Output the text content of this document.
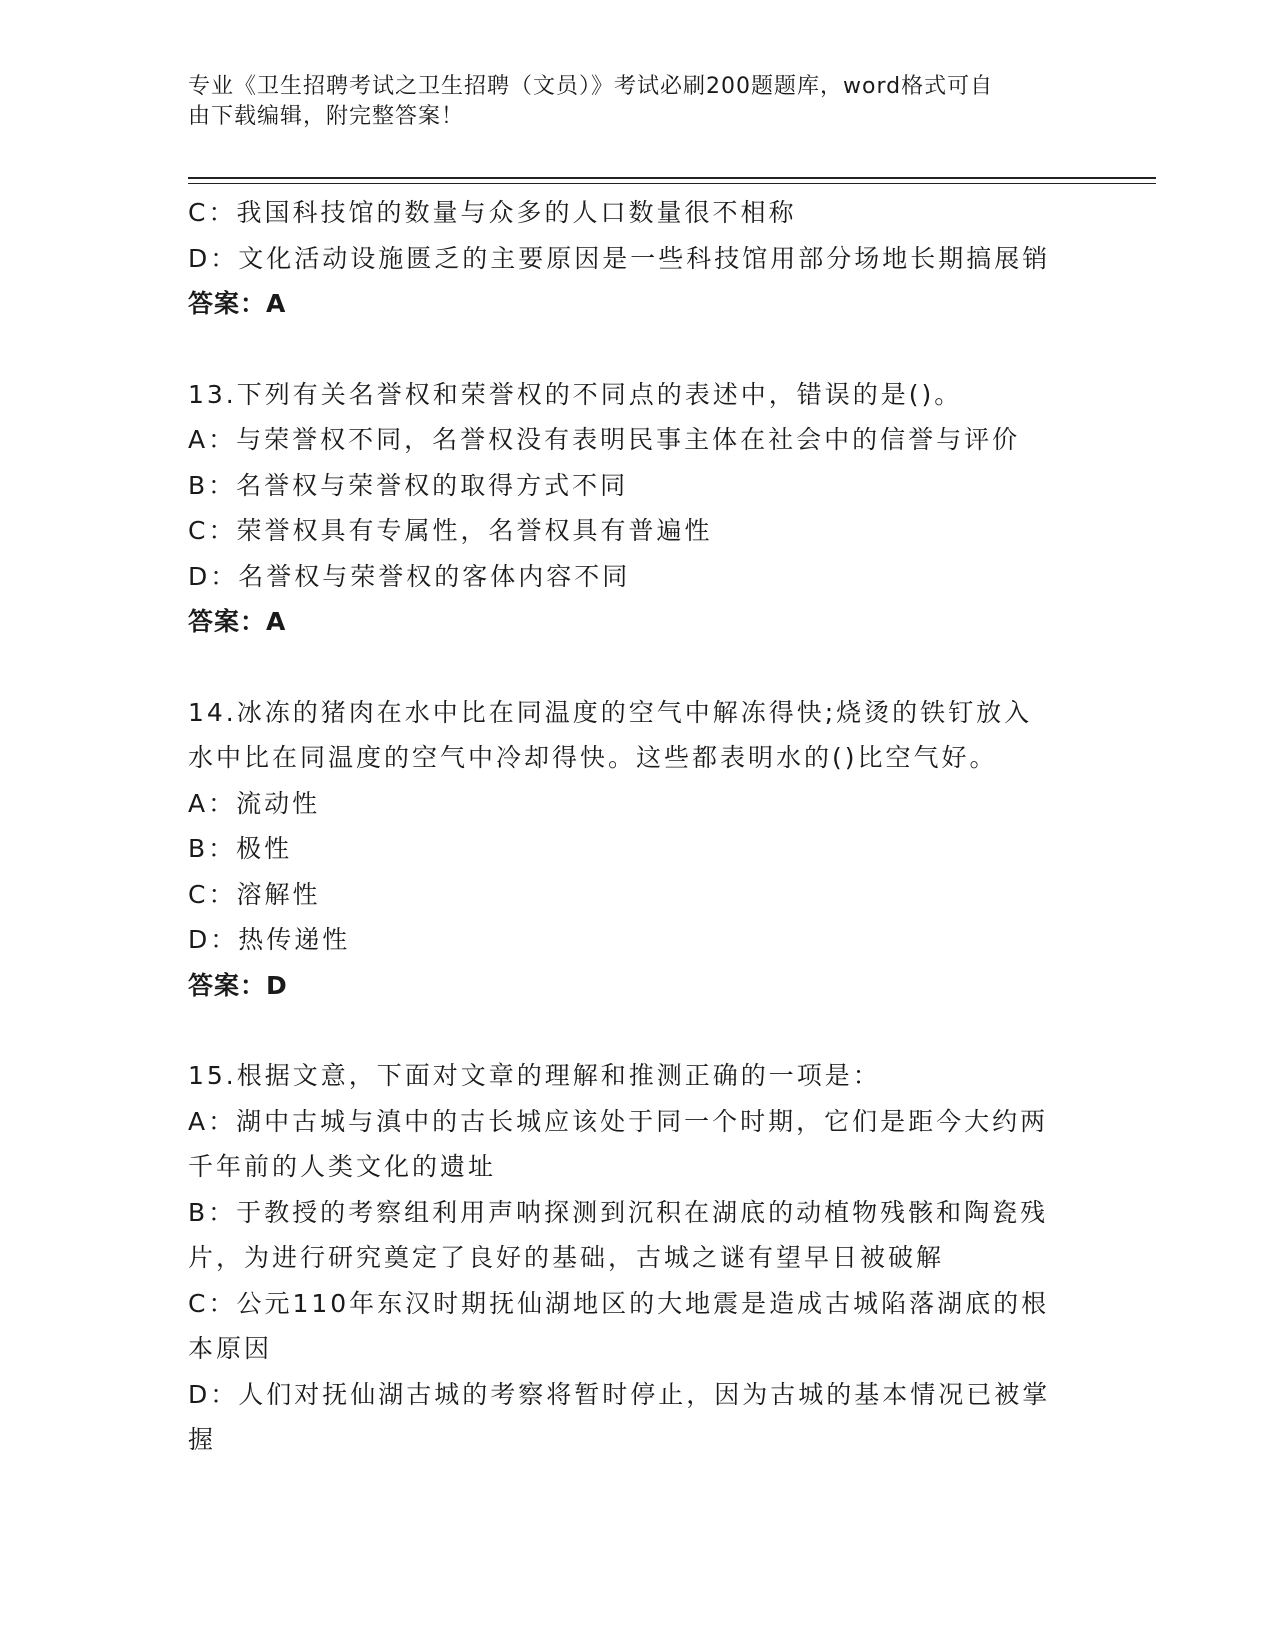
专业《卫生招聘考试之卫生招聘（文员）》考试必刷200题题库，word格式可自
由下载编辑，附完整答案！
C：我国科技馆的数量与众多的人口数量很不相称
D：文化活动设施匮乏的主要原因是一些科技馆用部分场地长期搞展销
答案：A
13.下列有关名誉权和荣誉权的不同点的表述中，错误的是()。
A：与荣誉权不同，名誉权没有表明民事主体在社会中的信誉与评价
B：名誉权与荣誉权的取得方式不同
C：荣誉权具有专属性，名誉权具有普遍性
D：名誉权与荣誉权的客体内容不同
答案：A
14.冰冻的猪肉在水中比在同温度的空气中解冻得快;烧烫的铁钉放入
水中比在同温度的空气中冷却得快。这些都表明水的()比空气好。
A：流动性
B：极性
C：溶解性
D：热传递性
答案：D
15.根据文意，下面对文章的理解和推测正确的一项是：
A：湖中古城与滇中的古长城应该处于同一个时期，它们是距今大约两
千年前的人类文化的遗址
B：于教授的考察组利用声呐探测到沉积在湖底的动植物残骸和陶瓷残
片，为进行研究奠定了良好的基础，古城之谜有望早日被破解
C：公元110年东汉时期抚仙湖地区的大地震是造成古城陷落湖底的根
本原因
D：人们对抚仙湖古城的考察将暂时停止，因为古城的基本情况已被掌
握
